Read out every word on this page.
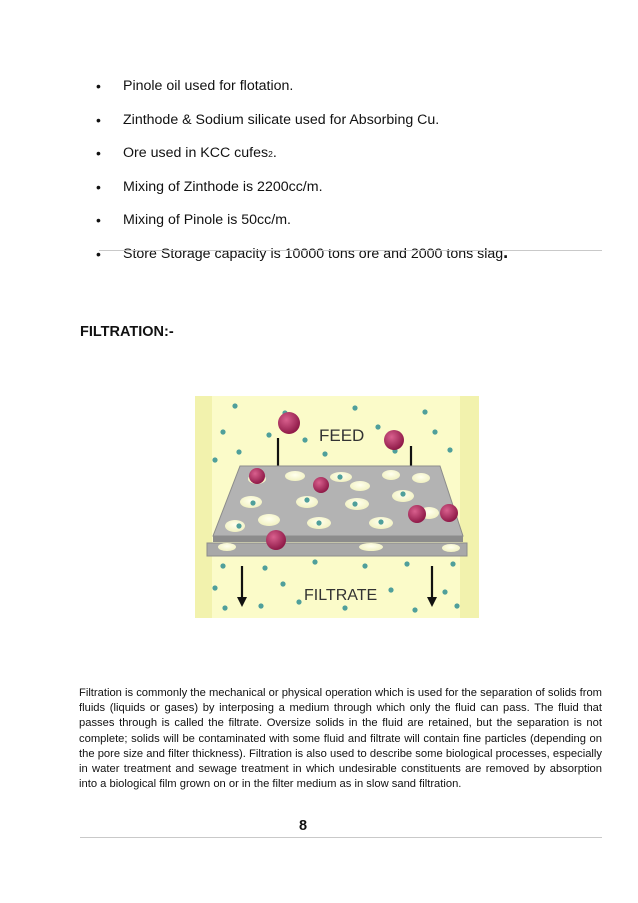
Pinole oil used for flotation.
Zinthode & Sodium silicate used for Absorbing Cu.
Ore used in KCC cufes2.
Mixing of Zinthode is 2200cc/m.
Mixing of Pinole is 50cc/m.
Store Storage capacity is 10000 tons ore and 2000 tons slag.
FILTRATION:-
FEED
FILTRATE

Filtration is commonly the mechanical or physical operation which is used for the separation of solids from fluids (liquids or gases) by interposing a medium through which only the fluid can pass. The fluid that passes through is called the filtrate. Oversize solids in the fluid are retained, but the separation is not complete; solids will be contaminated with some fluid and filtrate will contain fine particles (depending on the pore size and filter thickness). Filtration is also used to describe some biological processes, especially in water treatment and sewage treatment in which undesirable constituents are removed by absorption into a biological film grown on or in the filter medium as in slow sand filtration.

8
